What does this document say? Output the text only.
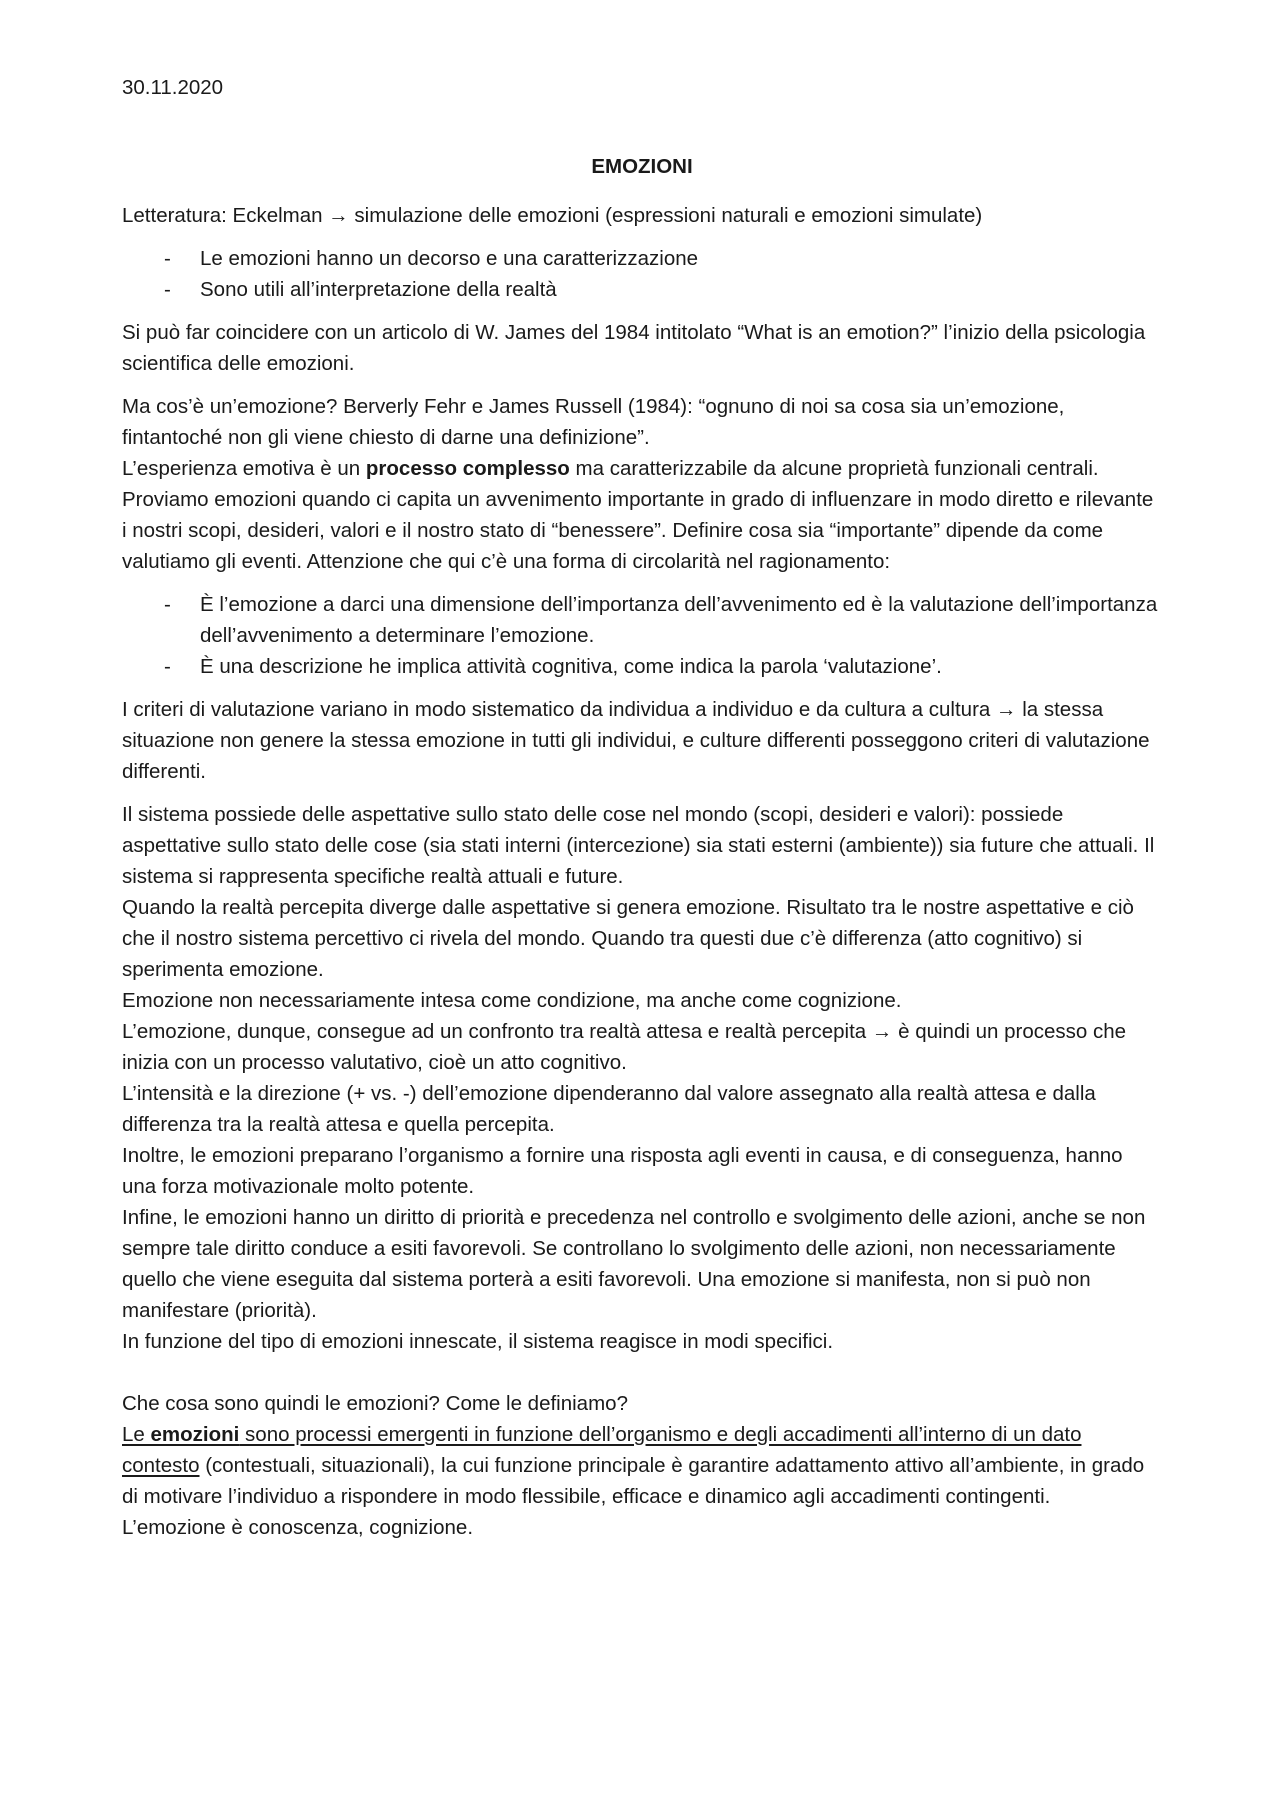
30.11.2020

EMOZIONI

Letteratura: Eckelman → simulazione delle emozioni (espressioni naturali e emozioni simulate)

- Le emozioni hanno un decorso e una caratterizzazione
- Sono utili all’interpretazione della realtà

Si può far coincidere con un articolo di W. James del 1984 intitolato “What is an emotion?” l’inizio della psicologia scientifica delle emozioni.

Ma cos’è un’emozione? Berverly Fehr e James Russell (1984): “ognuno di noi sa cosa sia un’emozione, fintantoché non gli viene chiesto di darne una definizione”.
L’esperienza emotiva è un processo complesso ma caratterizzabile da alcune proprietà funzionali centrali.
Proviamo emozioni quando ci capita un avvenimento importante in grado di influenzare in modo diretto e rilevante i nostri scopi, desideri, valori e il nostro stato di “benessere”. Definire cosa sia “importante” dipende da come valutiamo gli eventi. Attenzione che qui c’è una forma di circolarità nel ragionamento:
- È l’emozione a darci una dimensione dell’importanza dell’avvenimento ed è la valutazione dell’importanza dell’avvenimento a determinare l’emozione.
- È una descrizione he implica attività cognitiva, come indica la parola ‘valutazione’.

I criteri di valutazione variano in modo sistematico da individua a individuo e da cultura a cultura → la stessa situazione non genere la stessa emozione in tutti gli individui, e culture differenti posseggono criteri di valutazione differenti.

Il sistema possiede delle aspettative sullo stato delle cose nel mondo (scopi, desideri e valori): possiede aspettative sullo stato delle cose (sia stati interni (intercezione) sia stati esterni (ambiente)) sia future che attuali. Il sistema si rappresenta specifiche realtà attuali e future.
Quando la realtà percepita diverge dalle aspettative si genera emozione. Risultato tra le nostre aspettative e ciò che il nostro sistema percettivo ci rivela del mondo. Quando tra questi due c’è differenza (atto cognitivo) si sperimenta emozione.
Emozione non necessariamente intesa come condizione, ma anche come cognizione.
L’emozione, dunque, consegue ad un confronto tra realtà attesa e realtà percepita → è quindi un processo che inizia con un processo valutativo, cioè un atto cognitivo.
L’intensità e la direzione (+ vs. -) dell’emozione dipenderanno dal valore assegnato alla realtà attesa e dalla differenza tra la realtà attesa e quella percepita.
Inoltre, le emozioni preparano l’organismo a fornire una risposta agli eventi in causa, e di conseguenza, hanno una forza motivazionale molto potente.
Infine, le emozioni hanno un diritto di priorità e precedenza nel controllo e svolgimento delle azioni, anche se non sempre tale diritto conduce a esiti favorevoli. Se controllano lo svolgimento delle azioni, non necessariamente quello che viene eseguita dal sistema porterà a esiti favorevoli. Una emozione si manifesta, non si può non manifestare (priorità).
In funzione del tipo di emozioni innescate, il sistema reagisce in modi specifici.
Che cosa sono quindi le emozioni? Come le definiamo?
Le emozioni sono processi emergenti in funzione dell’organismo e degli accadimenti all’interno di un dato contesto (contestuali, situazionali), la cui funzione principale è garantire adattamento attivo all’ambiente, in grado di motivare l’individuo a rispondere in modo flessibile, efficace e dinamico agli accadimenti contingenti.
L’emozione è conoscenza, cognizione.
